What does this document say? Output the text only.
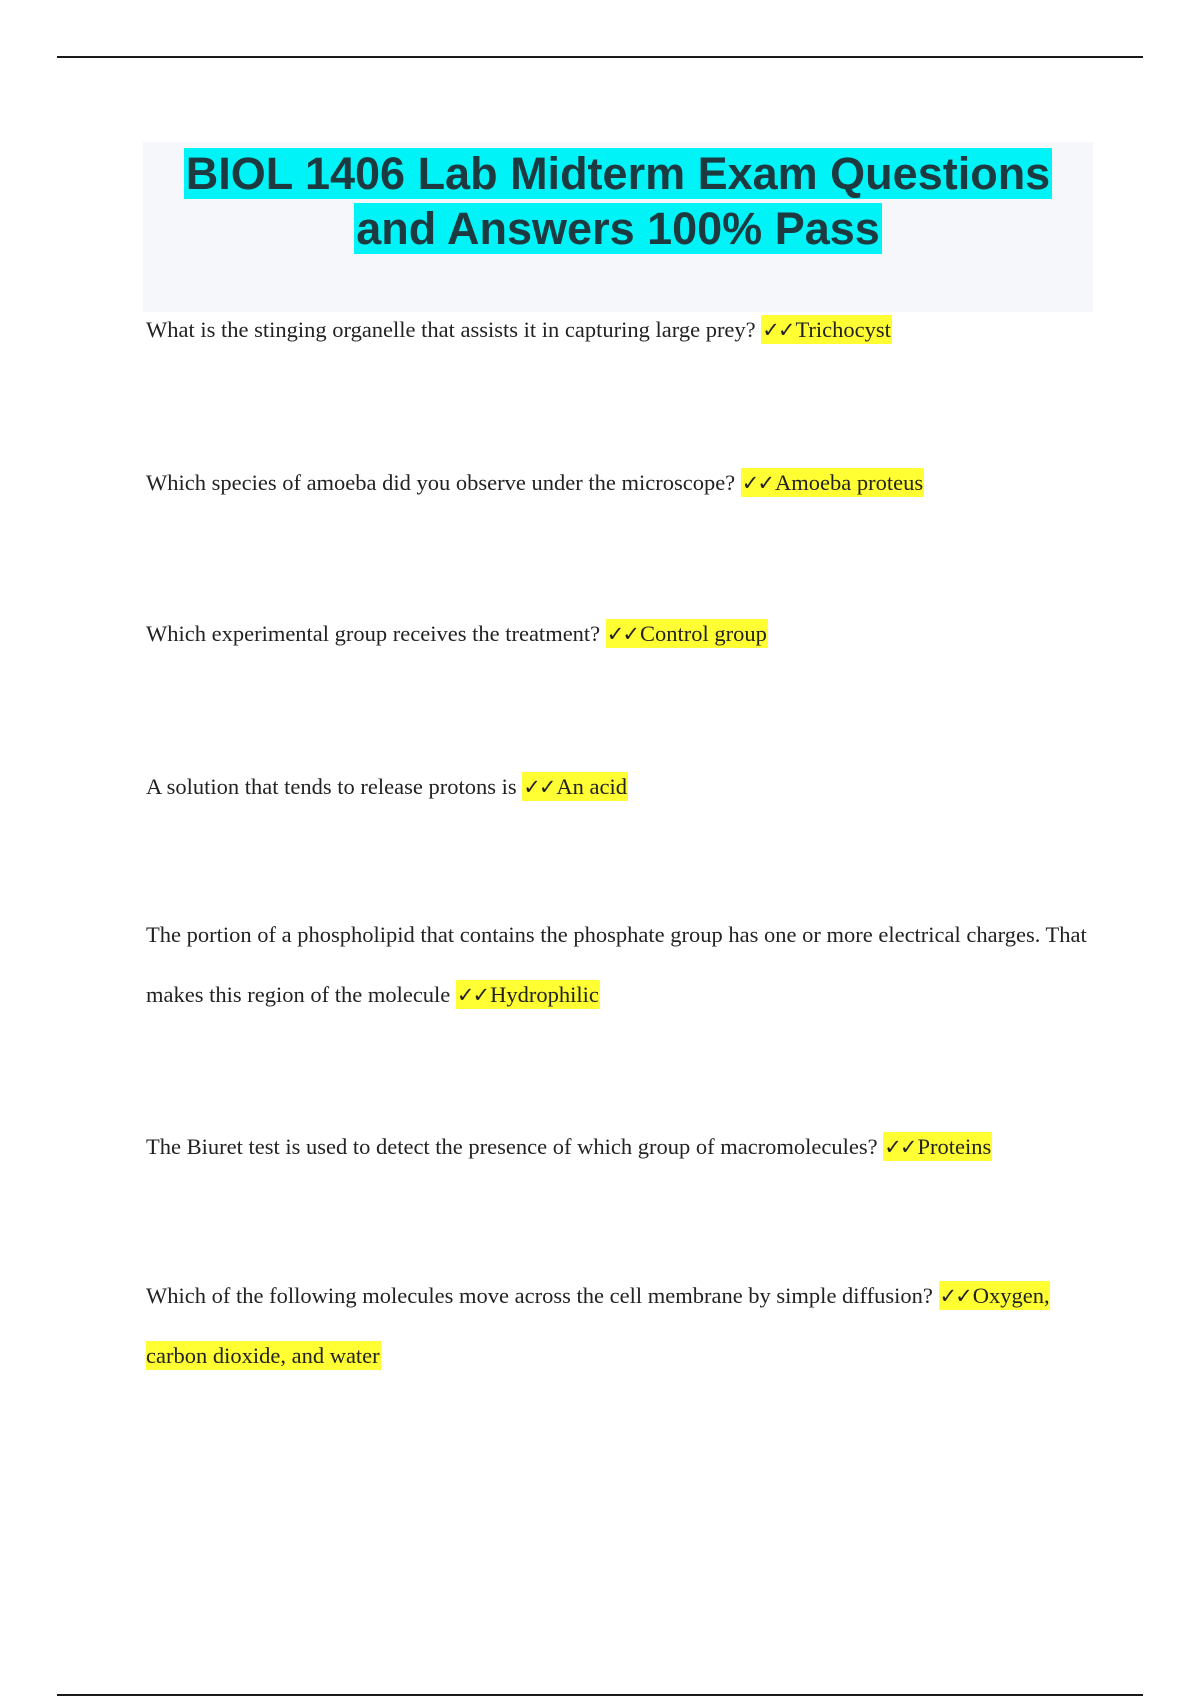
BIOL 1406 Lab Midterm Exam Questions
and Answers 100% Pass
What is the stinging organelle that assists it in capturing large prey? ✓✓Trichocyst
Which species of amoeba did you observe under the microscope? ✓✓Amoeba proteus
Which experimental group receives the treatment? ✓✓Control group
A solution that tends to release protons is ✓✓An acid
The portion of a phospholipid that contains the phosphate group has one or more electrical charges. That makes this region of the molecule ✓✓Hydrophilic
The Biuret test is used to detect the presence of which group of macromolecules? ✓✓Proteins
Which of the following molecules move across the cell membrane by simple diffusion? ✓✓Oxygen, carbon dioxide, and water
